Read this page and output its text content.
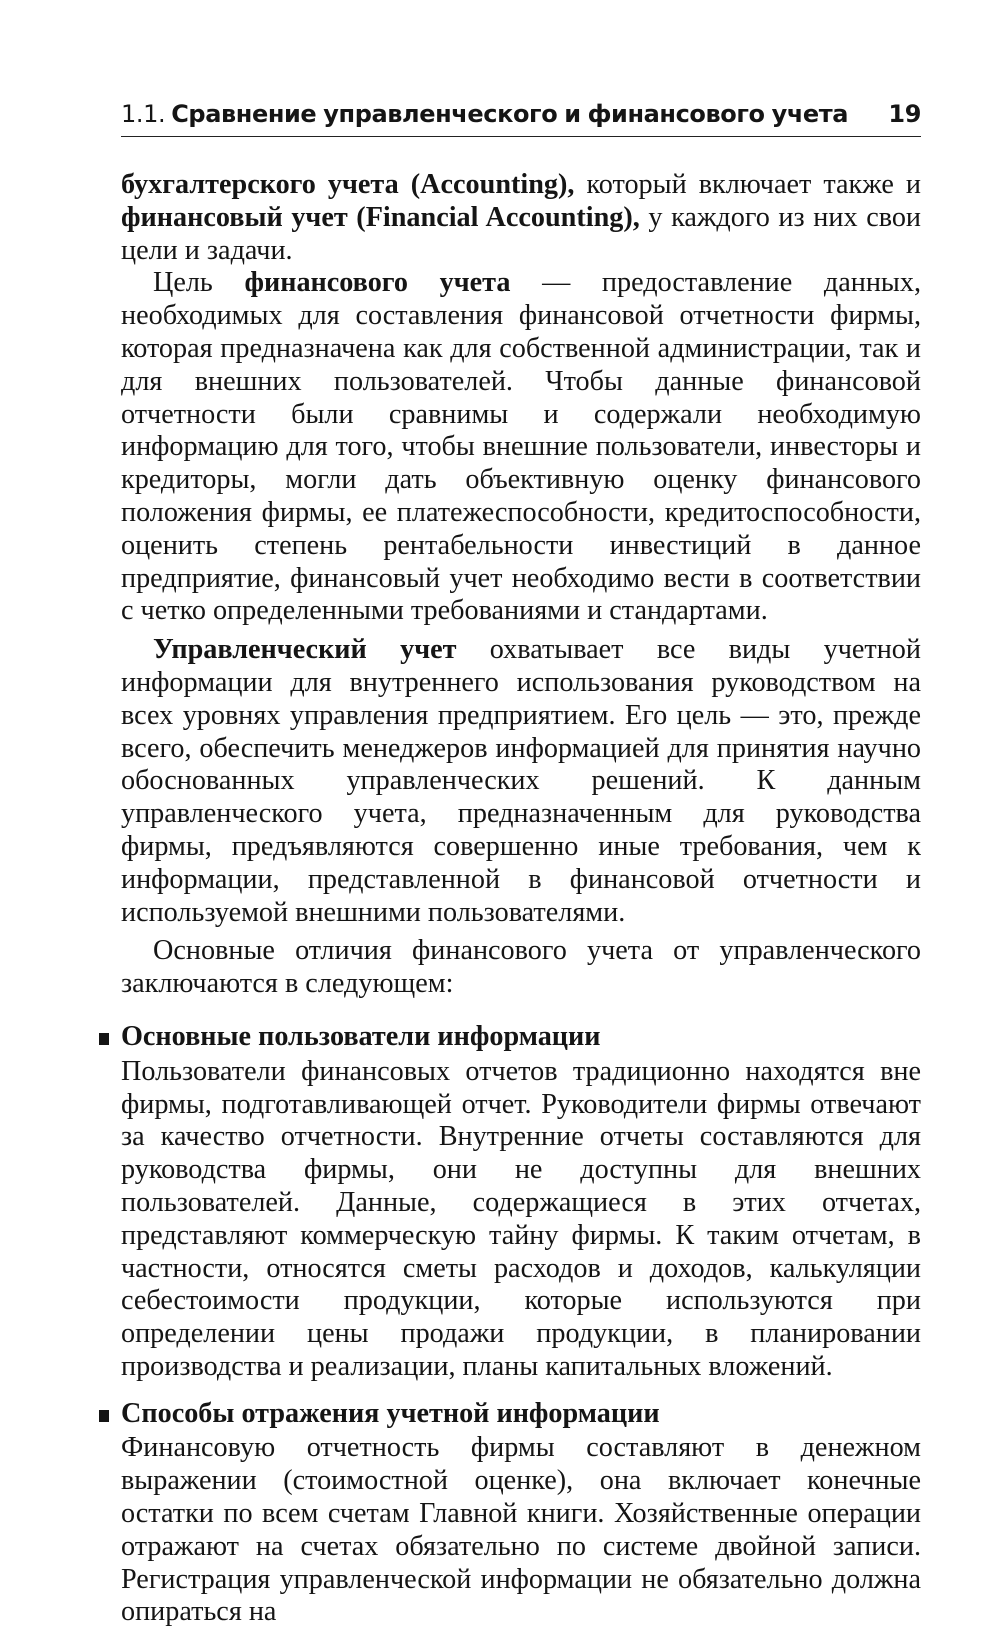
1.1. Сравнение управленческого и финансового учета 19

бухгалтерского учета (Accounting), который включает также и финансовый учет (Financial Accounting), у каждого из них свои цели и задачи.

Цель финансового учета — предоставление данных, необходимых для составления финансовой отчетности фирмы, которая предназначена как для собственной администрации, так и для внешних пользователей. Чтобы данные финансовой отчетности были сравнимы и содержали необходимую информацию для того, чтобы внешние пользователи, инвесторы и кредиторы, могли дать объективную оценку финансового положения фирмы, ее платежеспособности, кредитоспособности, оценить степень рентабельности инвестиций в данное предприятие, финансовый учет необходимо вести в соответствии с четко определенными требованиями и стандартами.

Управленческий учет охватывает все виды учетной информации для внутреннего использования руководством на всех уровнях управления предприятием. Его цель — это, прежде всего, обеспечить менеджеров информацией для принятия научно обоснованных управленческих решений. К данным управленческого учета, предназначенным для руководства фирмы, предъявляются совершенно иные требования, чем к информации, представленной в финансовой отчетности и используемой внешними пользователями.

Основные отличия финансового учета от управленческого заключаются в следующем:

Основные пользователи информации

Пользователи финансовых отчетов традиционно находятся вне фирмы, подготавливающей отчет. Руководители фирмы отвечают за качество отчетности. Внутренние отчеты составляются для руководства фирмы, они не доступны для внешних пользователей. Данные, содержащиеся в этих отчетах, представляют коммерческую тайну фирмы. К таким отчетам, в частности, относятся сметы расходов и доходов, калькуляции себестоимости продукции, которые используются при определении цены продажи продукции, в планировании производства и реализации, планы капитальных вложений.

Способы отражения учетной информации

Финансовую отчетность фирмы составляют в денежном выражении (стоимостной оценке), она включает конечные остатки по всем счетам Главной книги. Хозяйственные операции отражают на счетах обязательно по системе двойной записи. Регистрация управленческой информации не обязательно должна опираться на
